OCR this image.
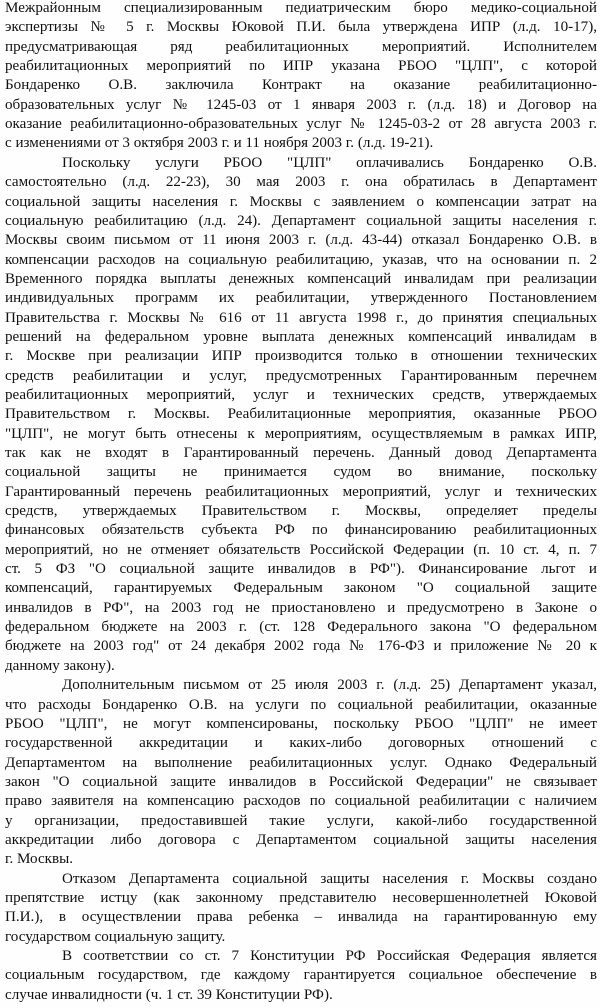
Межрайонным специализированным педиатрическим бюро медико-социальной
экспертизы № 5 г. Москвы Юковой П.И. была утверждена ИПР (л.д. 10-17),
предусматривающая ряд реабилитационных мероприятий. Исполнителем
реабилитационных мероприятий по ИПР указана РБОО "ЦЛП", с которой
Бондаренко О.В. заключила Контракт на оказание реабилитационно-
образовательных услуг № 1245-03 от 1 января 2003 г. (л.д. 18) и Договор на
оказание реабилитационно-образовательных услуг № 1245-03-2 от 28 августа 2003 г.
с изменениями от 3 октября 2003 г. и 11 ноября 2003 г. (л.д. 19-21).
Поскольку услуги РБОО "ЦЛП" оплачивались Бондаренко О.В.
самостоятельно (л.д. 22-23), 30 мая 2003 г. она обратилась в Департамент
социальной защиты населения г. Москвы с заявлением о компенсации затрат на
социальную реабилитацию (л.д. 24). Департамент социальной защиты населения г.
Москвы своим письмом от 11 июня 2003 г. (л.д. 43-44) отказал Бондаренко О.В. в
компенсации расходов на социальную реабилитацию, указав, что на основании п. 2
Временного порядка выплаты денежных компенсаций инвалидам при реализации
индивидуальных программ их реабилитации, утвержденного Постановлением
Правительства г. Москвы № 616 от 11 августа 1998 г., до принятия специальных
решений на федеральном уровне выплата денежных компенсаций инвалидам в
г. Москве при реализации ИПР производится только в отношении технических
средств реабилитации и услуг, предусмотренных Гарантированным перечнем
реабилитационных мероприятий, услуг и технических средств, утверждаемых
Правительством г. Москвы. Реабилитационные мероприятия, оказанные РБОО
"ЦЛП", не могут быть отнесены к мероприятиям, осуществляемым в рамках ИПР,
так как не входят в Гарантированный перечень. Данный довод Департамента
социальной защиты не принимается судом во внимание, поскольку
Гарантированный перечень реабилитационных мероприятий, услуг и технических
средств, утверждаемых Правительством г. Москвы, определяет пределы
финансовых обязательств субъекта РФ по финансированию реабилитационных
мероприятий, но не отменяет обязательств Российской Федерации (п. 10 ст. 4, п. 7
ст. 5 ФЗ "О социальной защите инвалидов в РФ"). Финансирование льгот и
компенсаций, гарантируемых Федеральным законом "О социальной защите
инвалидов в РФ", на 2003 год не приостановлено и предусмотрено в Законе о
федеральном бюджете на 2003 г. (ст. 128 Федерального закона "О федеральном
бюджете на 2003 год" от 24 декабря 2002 года № 176-ФЗ и приложение № 20 к
данному закону).
Дополнительным письмом от 25 июля 2003 г. (л.д. 25) Департамент указал,
что расходы Бондаренко О.В. на услуги по социальной реабилитации, оказанные
РБОО "ЦЛП", не могут компенсированы, поскольку РБОО "ЦЛП" не имеет
государственной аккредитации и каких-либо договорных отношений с
Департаментом на выполнение реабилитационных услуг. Однако Федеральный
закон "О социальной защите инвалидов в Российской Федерации" не связывает
право заявителя на компенсацию расходов по социальной реабилитации с наличием
у организации, предоставившей такие услуги, какой-либо государственной
аккредитации либо договора с Департаментом социальной защиты населения
г. Москвы.
Отказом Департамента социальной защиты населения г. Москвы создано
препятствие истцу (как законному представителю несовершеннолетней Юковой
П.И.), в осуществлении права ребенка – инвалида на гарантированную ему
государством социальную защиту.
В соответствии со ст. 7 Конституции РФ Российская Федерация является
социальным государством, где каждому гарантируется социальное обеспечение в
случае инвалидности (ч. 1 ст. 39 Конституции РФ).
